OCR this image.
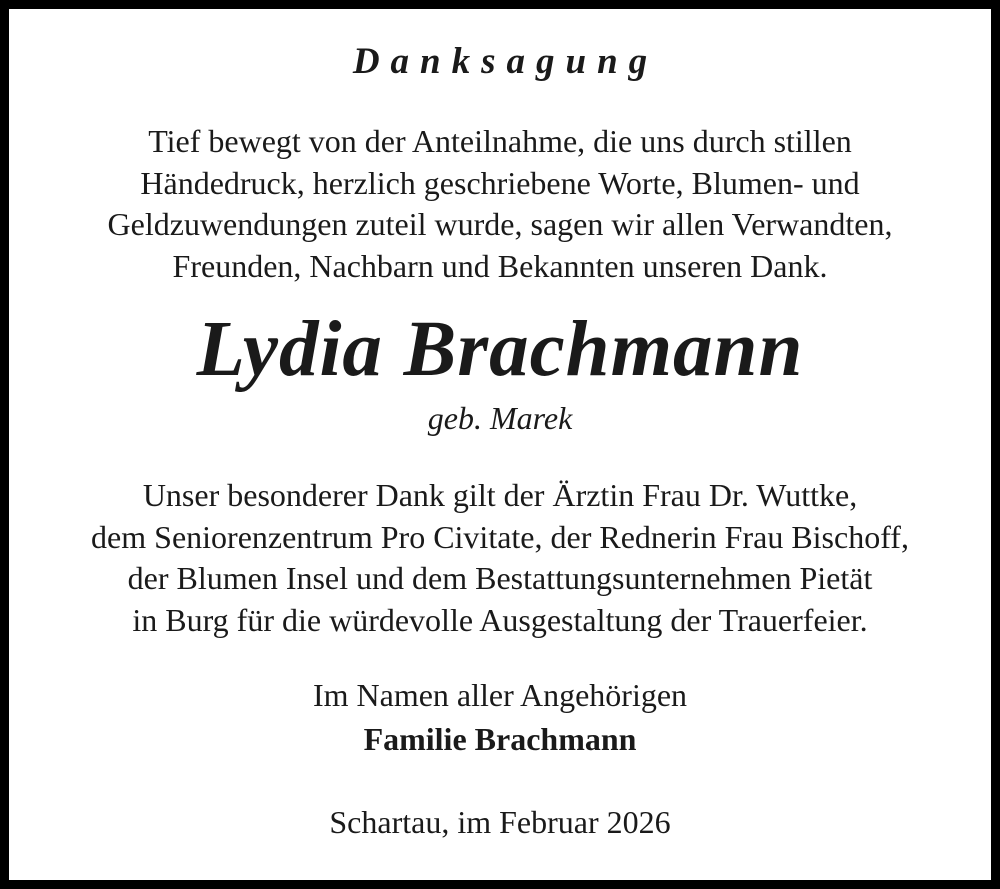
Danksagung
Tief bewegt von der Anteilnahme, die uns durch stillen
Händedruck, herzlich geschriebene Worte, Blumen- und
Geldzuwendungen zuteil wurde, sagen wir allen Verwandten,
Freunden, Nachbarn und Bekannten unseren Dank.
Lydia Brachmann
geb. Marek
Unser besonderer Dank gilt der Ärztin Frau Dr. Wuttke,
dem Seniorenzentrum Pro Civitate, der Rednerin Frau Bischoff,
der Blumen Insel und dem Bestattungsunternehmen Pietät
in Burg für die würdevolle Ausgestaltung der Trauerfeier.
Im Namen aller Angehörigen
Familie Brachmann
Schartau, im Februar 2026
